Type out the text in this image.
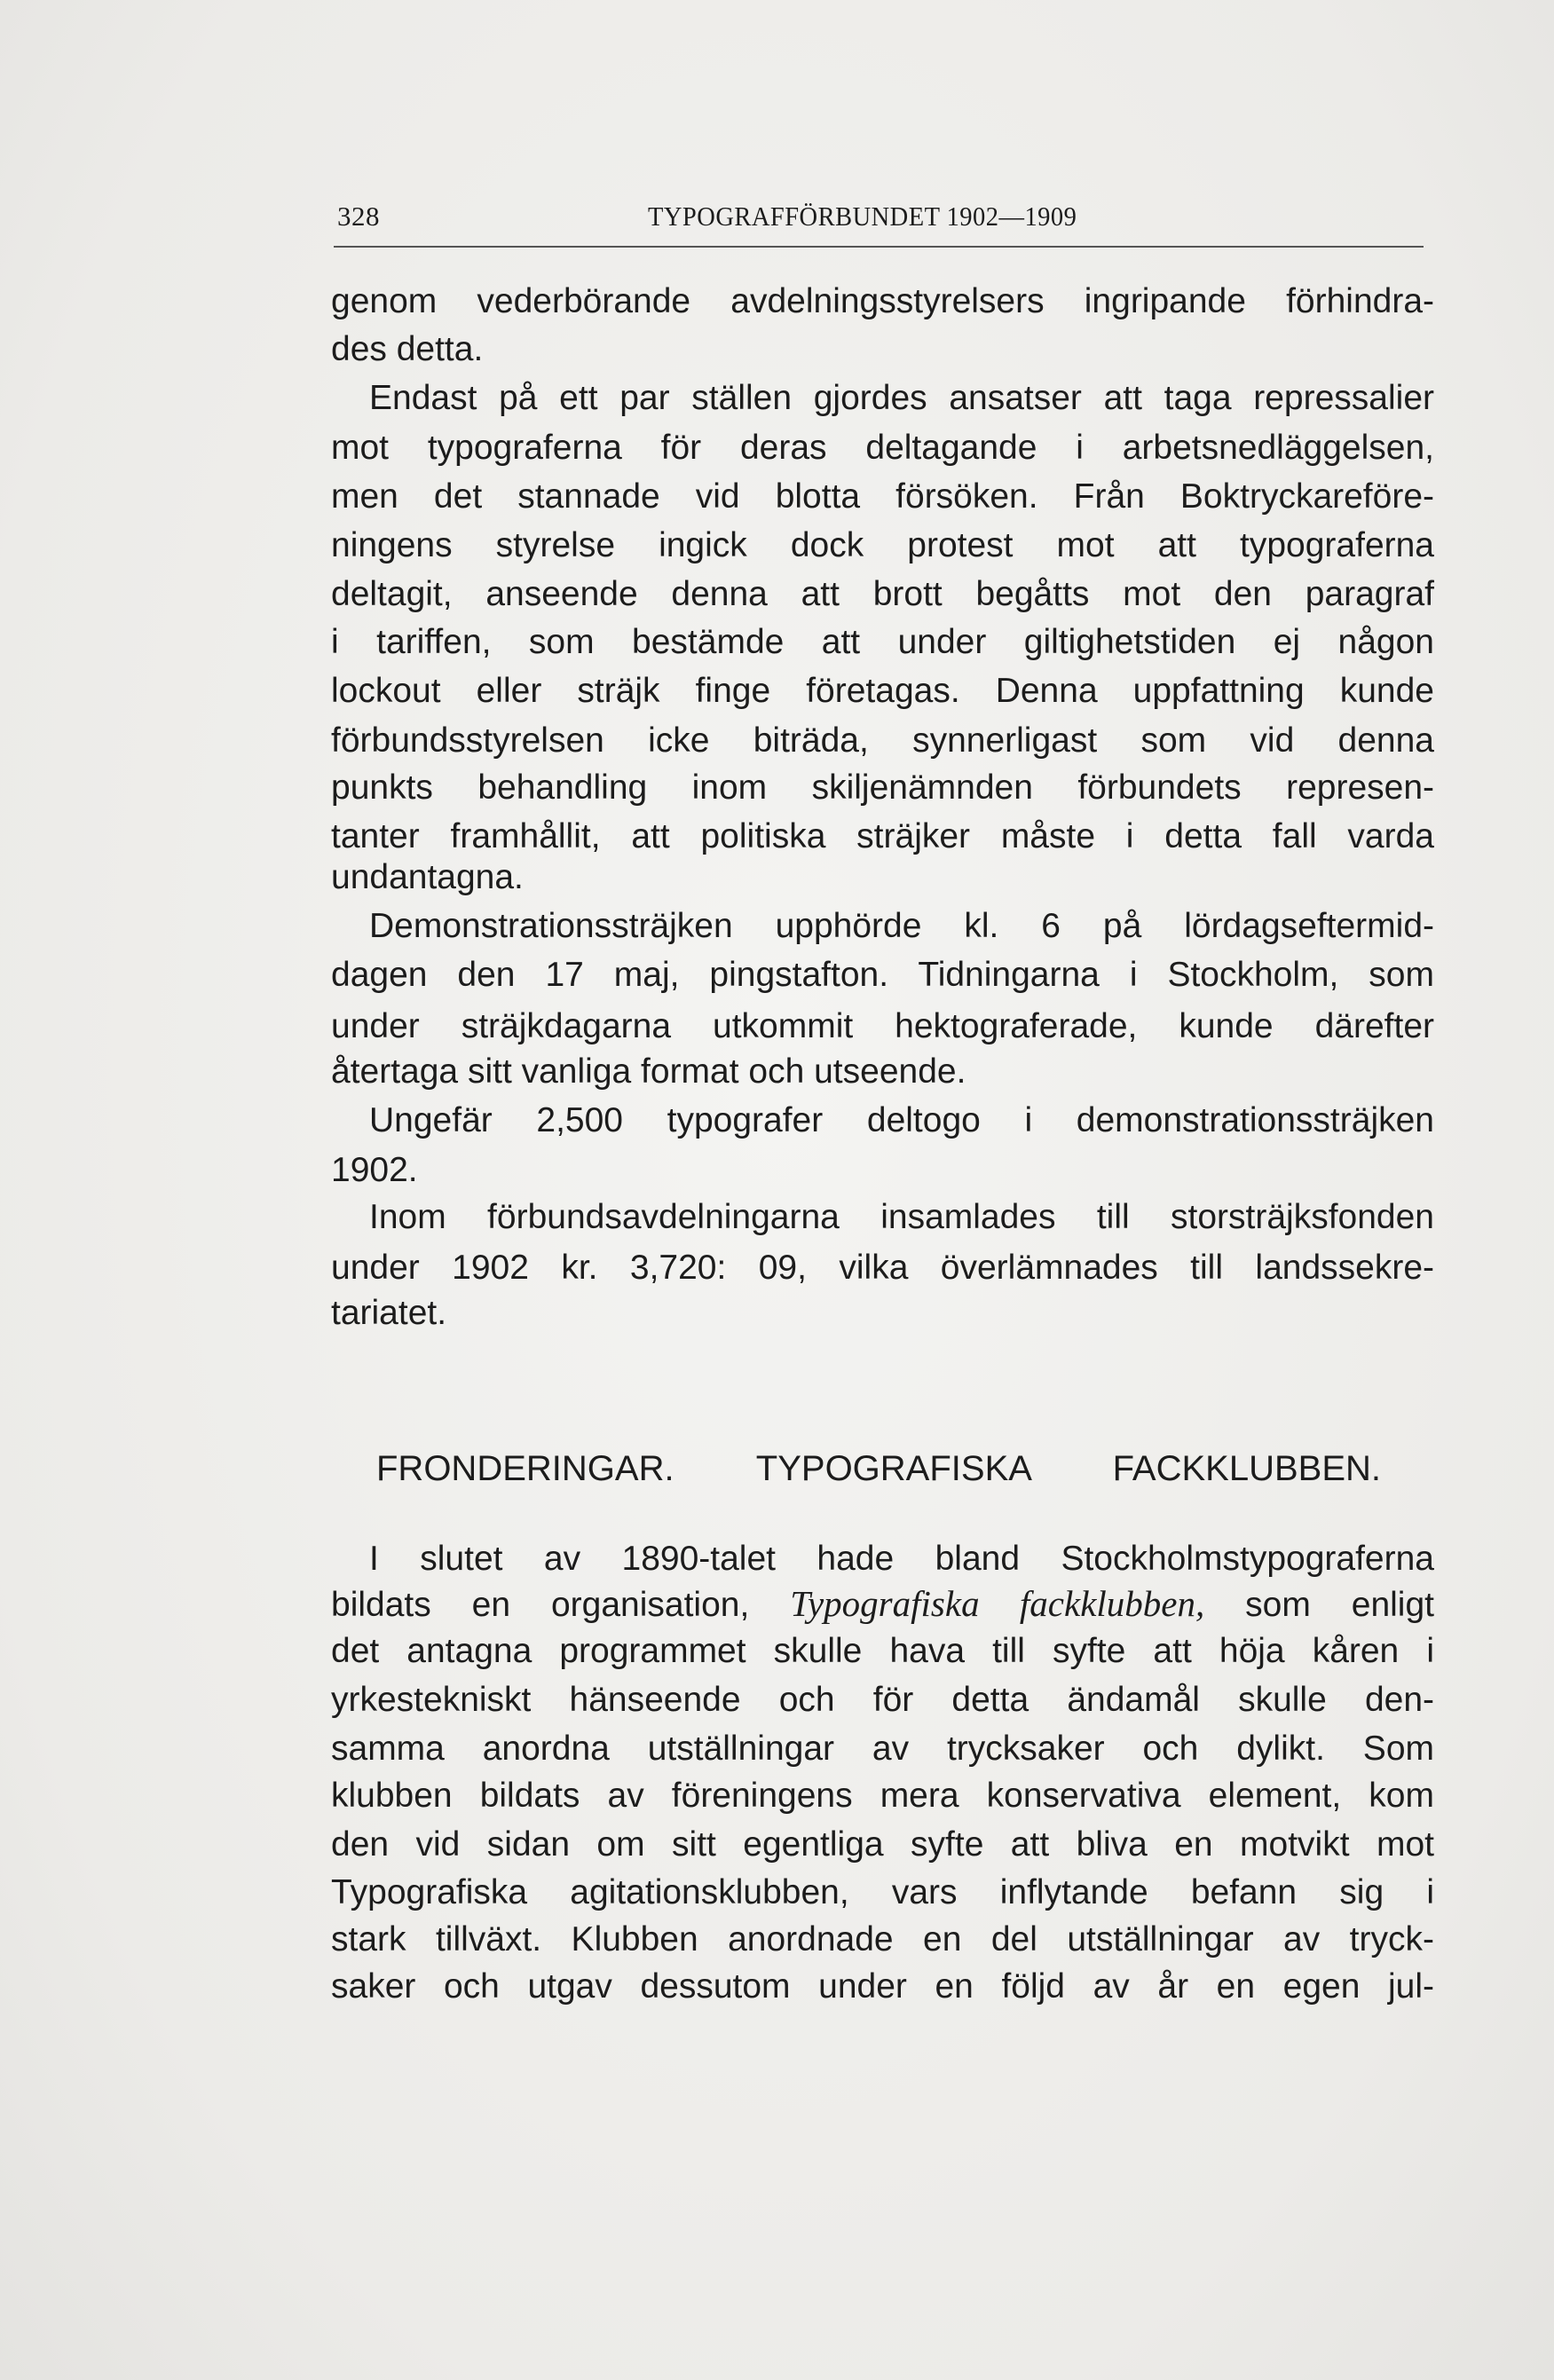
328	TYPOGRAFFÖRBUNDET 1902—1909
genom vederbörande avdelningsstyrelsers ingripande förhindra-
des detta.
Endast på ett par ställen gjordes ansatser att taga repressalier
mot typograferna för deras deltagande i arbetsnedläggelsen,
men det stannade vid blotta försöken. Från Boktryckareföre-
ningens styrelse ingick dock protest mot att typograferna
deltagit, anseende denna att brott begåtts mot den paragraf
i tariffen, som bestämde att under giltighetstiden ej någon
lockout eller sträjk finge företagas. Denna uppfattning kunde
förbundsstyrelsen icke biträda, synnerligast som vid denna
punkts behandling inom skiljenämnden förbundets represen-
tanter framhållit, att politiska sträjker måste i detta fall varda
undantagna.
Demonstrationssträjken upphörde kl. 6 på lördagseftermid-
dagen den 17 maj, pingstafton. Tidningarna i Stockholm, som
under sträjkdagarna utkommit hektograferade, kunde därefter
återtaga sitt vanliga format och utseende.
Ungefär 2,500 typografer deltogo i demonstrationssträjken
1902.
Inom förbundsavdelningarna insamlades till storsträjksfonden
under 1902 kr. 3,720: 09, vilka överlämnades till landssekre-
tariatet.
I slutet av 1890-talet hade bland Stockholmstypograferna
bildats en organisation, Typografiska fackklubben, som enligt
det antagna programmet skulle hava till syfte att höja kåren i
yrkestekniskt hänseende och för detta ändamål skulle den-
samma anordna utställningar av trycksaker och dylikt. Som
klubben bildats av föreningens mera konservativa element, kom
den vid sidan om sitt egentliga syfte att bliva en motvikt mot
Typografiska agitationsklubben, vars inflytande befann sig i
stark tillväxt. Klubben anordnade en del utställningar av tryck-
saker och utgav dessutom under en följd av år en egen jul-
FRONDERINGAR. TYPOGRAFISKA FACKKLUBBEN.
